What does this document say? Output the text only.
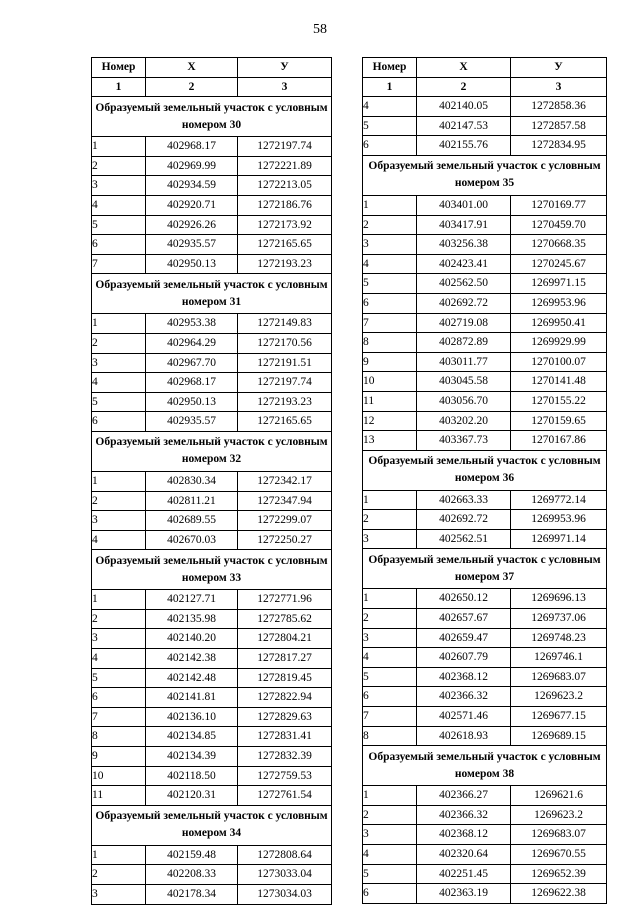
58
Номер	X	У
1	2	3
Образуемый земельный участок с условным номером 30		
1	402968.17	1272197.74
2	402969.99	1272221.89
3	402934.59	1272213.05
4	402920.71	1272186.76
5	402926.26	1272173.92
6	402935.57	1272165.65
7	402950.13	1272193.23
Образуемый земельный участок с условным номером 31		
1	402953.38	1272149.83
2	402964.29	1272170.56
3	402967.70	1272191.51
4	402968.17	1272197.74
5	402950.13	1272193.23
6	402935.57	1272165.65
Образуемый земельный участок с условным номером 32		
1	402830.34	1272342.17
2	402811.21	1272347.94
3	402689.55	1272299.07
4	402670.03	1272250.27
Образуемый земельный участок с условным номером 33		
1	402127.71	1272771.96
2	402135.98	1272785.62
3	402140.20	1272804.21
4	402142.38	1272817.27
5	402142.48	1272819.45
6	402141.81	1272822.94
7	402136.10	1272829.63
8	402134.85	1272831.41
9	402134.39	1272832.39
10	402118.50	1272759.53
11	402120.31	1272761.54
Образуемый земельный участок с условным номером 34		
1	402159.48	1272808.64
2	402208.33	1273033.04
3	402178.34	1273034.03
Номер	X	У
1	2	3
4	402140.05	1272858.36
5	402147.53	1272857.58
6	402155.76	1272834.95
Образуемый земельный участок с условным номером 35		
1	403401.00	1270169.77
2	403417.91	1270459.70
3	403256.38	1270668.35
4	402423.41	1270245.67
5	402562.50	1269971.15
6	402692.72	1269953.96
7	402719.08	1269950.41
8	402872.89	1269929.99
9	403011.77	1270100.07
10	403045.58	1270141.48
11	403056.70	1270155.22
12	403202.20	1270159.65
13	403367.73	1270167.86
Образуемый земельный участок с условным номером 36		
1	402663.33	1269772.14
2	402692.72	1269953.96
3	402562.51	1269971.14
Образуемый земельный участок с условным номером 37		
1	402650.12	1269696.13
2	402657.67	1269737.06
3	402659.47	1269748.23
4	402607.79	1269746.1
5	402368.12	1269683.07
6	402366.32	1269623.2
7	402571.46	1269677.15
8	402618.93	1269689.15
Образуемый земельный участок с условным номером 38		
1	402366.27	1269621.6
2	402366.32	1269623.2
3	402368.12	1269683.07
4	402320.64	1269670.55
5	402251.45	1269652.39
6	402363.19	1269622.38
